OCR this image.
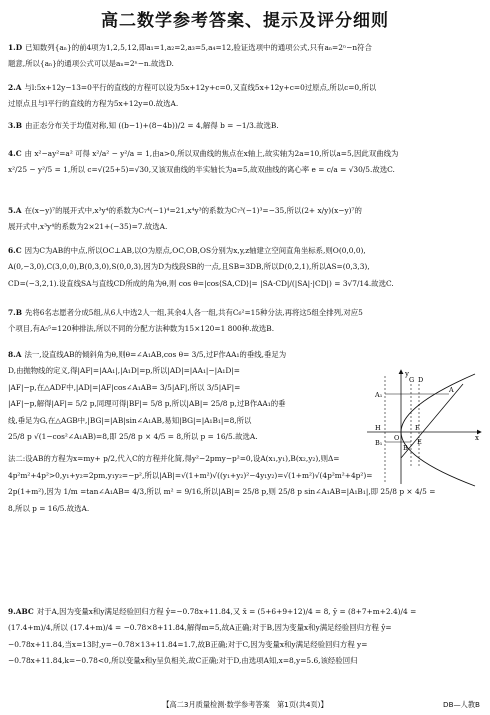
高二数学参考答案、提示及评分细则

1.D 已知数列{aₙ}的前4项为1,2,5,12,即a₁=1,a₂=2,a₃=5,a₄=12,验证选项中的通项公式,只有aₙ=2ⁿ−n符合

题意,所以{aₙ}的通项公式可以是aₙ=2ⁿ−n.故选D.

2.A 与l:5x+12y−13=0平行的直线的方程可以设为5x+12y+c=0,又直线5x+12y+c=0过原点,所以c=0,所以

过原点且与l平行的直线的方程为5x+12y=0.故选A.

3.B 由正态分布关于均值对称,知 ((b−1)+(8−4b))/2 = 4,解得 b = −1/3.故选B.

4.C 由 x²−ay²=a² 可得 x²/a² − y²/a = 1,由a>0,所以双曲线的焦点在x轴上,故实轴为2a=10,所以a=5,因此双曲线为

x²/25 − y²/5 = 1,所以 c=√(25+5)=√30,又该双曲线的半实轴长为a=5,故双曲线的离心率 e = c/a = √30/5.故选C.

5.A 在(x−y)⁷的展开式中,x³y⁴的系数为C₇⁴(−1)⁴=21,x⁴y³的系数为C₇³(−1)³=−35,所以(2+ x/y)(x−y)⁷的

展开式中,x³y⁴的系数为2×21+(−35)=7.故选A.

6.C 因为C为AB的中点,所以OC⊥AB,以O为原点,OC,OB,OS分别为x,y,z轴建立空间直角坐标系,则O(0,0,0),

A(0,−3,0),C(3,0,0),B(0,3,0),S(0,0,3),因为D为线段SB的一点,且SB=3DB,所以D(0,2,1),所以AS=(0,3,3),

CD=(−3,2,1).设直线SA与直线CD所成的角为θ,则 cos θ=|cos⟨SA,CD⟩|= |SA·CD|/(|SA|·|CD|) = 3√7/14.故选C.

7.B 先将6名志愿者分成5组,从6人中选2人一组,其余4人各一组,共有C₆²=15种分法,再将这5组全排列,对应5

个项目,有A₅⁵=120种排法,所以不同的分配方法种数为15×120=1 800种.故选B.

8.A 法一,设直线AB的倾斜角为θ,则θ=∠A₁AB,cos θ= 3/5,过F作AA₁的垂线,垂足为

D,由抛物线的定义,得|AF|=|AA₁|,|A₁D|=p,所以|AD|=|AA₁|−|A₁D|=

|AF|−p,在△ADF中,|AD|=|AF|cos∠A₁AB= 3/5|AF|,所以 3/5|AF|=

|AF|−p,解得|AF|= 5/2 p,同理可得|BF|= 5/8 p,所以|AB|= 25/8 p,过B作AA₁的垂

线,垂足为G,在△AGB中,|BG|=|AB|sin∠A₁AB,易知|BG|=|A₁B₁|=8,所以

25/8 p √(1−cos²∠A₁AB)=8,即 25/8 p × 4/5 = 8,所以 p = 16/5.故选A.

法二:设AB的方程为x=my+ p/2,代入C的方程并化简,得y²−2pmy−p²=0,设A(x₁,y₁),B(x₂,y₂),则Δ=

4p²m²+4p²>0,y₁+y₂=2pm,y₁y₂=−p²,所以|AB|=√(1+m²)√((y₁+y₂)²−4y₁y₂)=√(1+m²)√(4p²m²+4p²)=

2p(1+m²),因为 1/m =tan∠A₁AB= 4/3,所以 m² = 9/16,所以|AB|= 25/8 p,则 25/8 p sin∠A₁AB=|A₁B₁|,即 25/8 p × 4/5 =

8,所以 p = 16/5.故选A.

y
x
O
A
A₁
B
B₁
G D
F
H
E

9.ABC 对于A,因为变量x和y满足经验回归方程 ŷ=−0.78x+11.84,又 x̄ = (5+6+9+12)/4 = 8, ȳ = (8+7+m+2.4)/4 =

(17.4+m)/4,所以 (17.4+m)/4 = −0.78×8+11.84,解得m=5,故A正确;对于B,因为变量x和y满足经验回归方程 ŷ=

−0.78x+11.84,当x=13时,y=−0.78×13+11.84=1.7,故B正确;对于C,因为变量x和y满足经验回归方程 y=

−0.78x+11.84,k=−0.78<0,所以变量x和y呈负相关,故C正确;对于D,由选项A知,x=8,y=5.6,该经验回归

【高二3月质量检测·数学参考答案　第1页(共4页)】	DB—人教B
